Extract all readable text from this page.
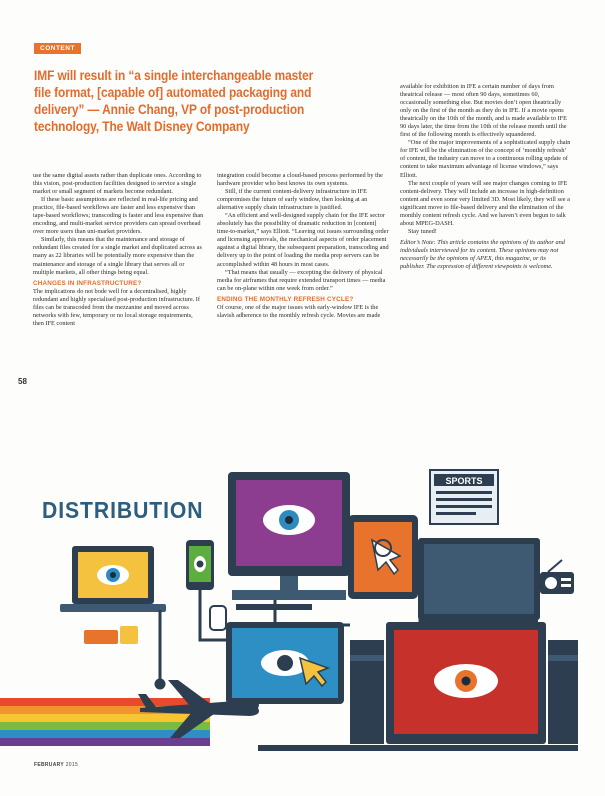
CONTENT
IMF will result in “a single interchangeable master file format, [capable of] automated packaging and delivery” — Annie Chang, VP of post-production technology, The Walt Disney Company

use the same digital assets rather than duplicate ones. According to this vision, post-production facilities designed to service a single market or small segment of markets become redundant.

If these basic assumptions are reflected in real-life pricing and practice, file-based workflows are faster and less expensive than tape-based workflows; transcoding is faster and less expensive than encoding, and multi-market service providers can spread overhead over more users than uni-market providers.

Similarly, this means that the maintenance and storage of redundant files created for a single market and duplicated across as many as 22 libraries will be potentially more expensive than the maintenance and storage of a single library that serves all or multiple markets, all other things being equal.

CHANGES IN INFRASTRUCTURE?

The implications do not bode well for a decentralised, highly redundant and highly specialised post-production infrastructure. If files can be transcoded from the mezzanine and moved across networks with few, temporary or no local storage requirements, then IFE content

integration could become a cloud-based process performed by the hardware provider who best knows its own systems.

Still, if the current content-delivery infrastructure in IFE compromises the future of early window, then looking at an alternative supply chain infrastructure is justified.

“An efficient and well-designed supply chain for the IFE sector absolutely has the possibility of dramatic reduction in [content] time-to-market,” says Elliott. “Leaving out issues surrounding order and licensing approvals, the mechanical aspects of order placement against a digital library, the subsequent preparation, transcoding and delivery up to the point of loading the media prep servers can be accomplished within 48 hours in most cases.

“That means that usually — excepting the delivery of physical media for airframes that require extended transport times — media can be on-plane within one week from order.”

ENDING THE MONTHLY REFRESH CYCLE?

Of course, one of the major issues with early-window IFE is the slavish adherence to the monthly refresh cycle. Movies are made

available for exhibition in IFE a certain number of days from theatrical release — most often 90 days, sometimes 60, occasionally something else. But movies don’t open theatrically only on the first of the month as they do in IFE. If a movie opens theatrically on the 10th of the month, and is made available to IFE 90 days later, the time from the 10th of the release month until the first of the following month is effectively squandered.

“One of the major improvements of a sophisticated supply chain for IFE will be the elimination of the concept of ‘monthly refresh’ of content, the industry can move to a continuous rolling update of content to take maximum advantage of license windows,” says Elliott.

The next couple of years will see major changes coming to IFE content-delivery. They will include an increase in high-definition content and even some very limited 3D. Most likely, they will see a significant move to file-based delivery and the elimination of the monthly content refresh cycle. And we haven’t even begun to talk about MPEG-DASH.

Stay tuned!

Editor’s Note: This article contains the opinions of its author and individuals interviewed for its content. These opinions may not necessarily be the opinions of APEX, this magazine, or its publisher. The expression of different viewpoints is welcome.

58
SPORTS
DISTRIBUTION
FEBRUARY 2015
